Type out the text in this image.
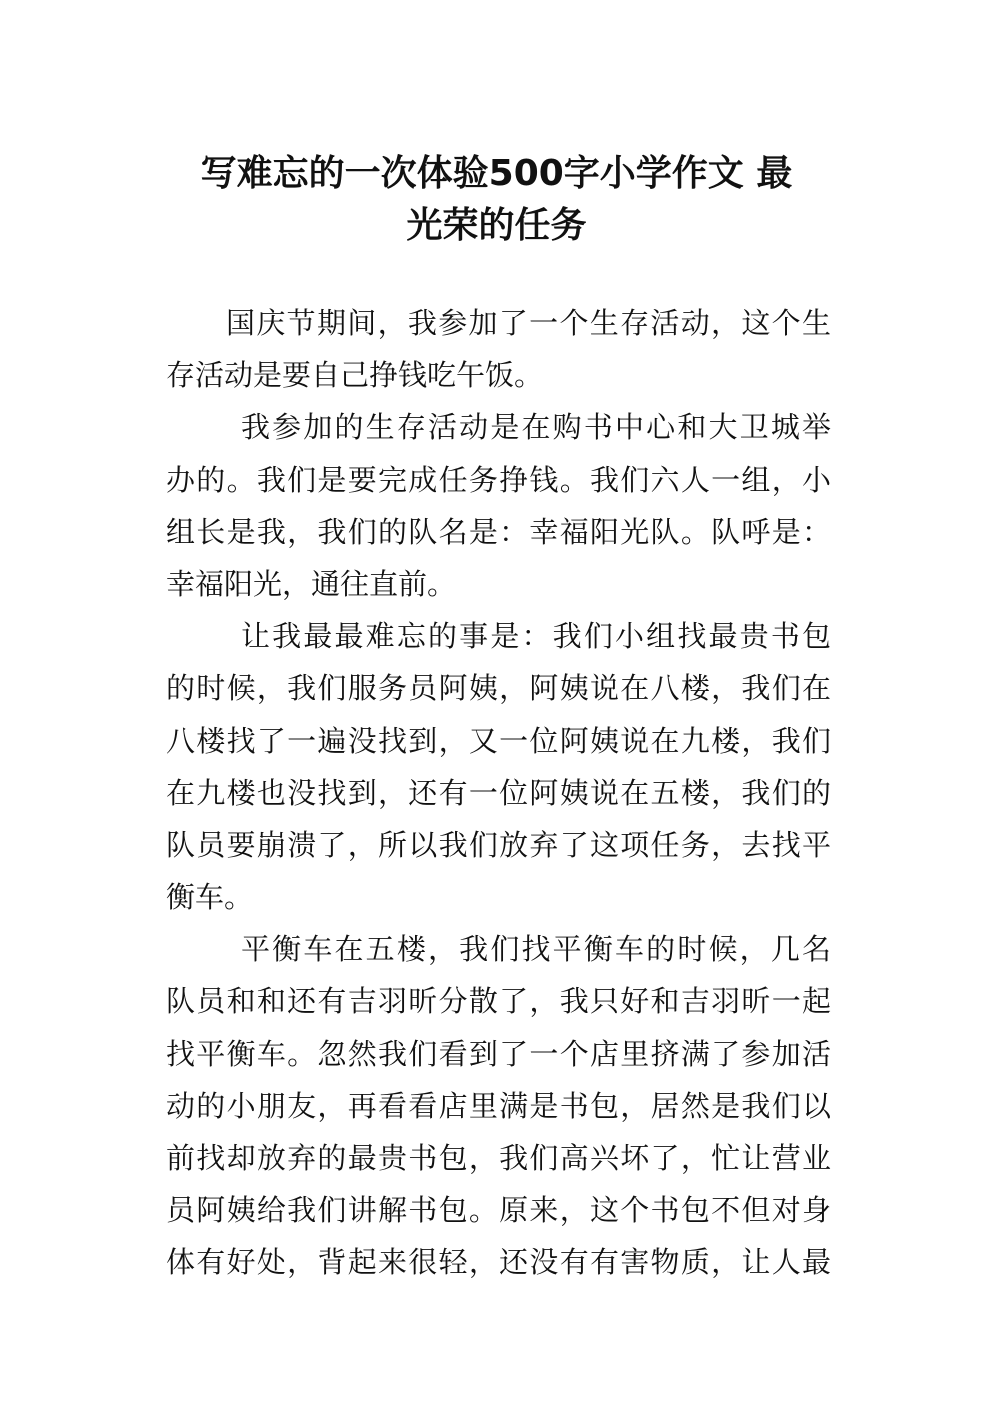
写难忘的一次体验500字小学作文 最
光荣的任务
国庆节期间，我参加了一个生存活动，这个生
存活动是要自己挣钱吃午饭。
我参加的生存活动是在购书中心和大卫城举
办的。我们是要完成任务挣钱。我们六人一组，小
组长是我，我们的队名是：幸福阳光队。队呼是：
幸福阳光，通往直前。
让我最最难忘的事是：我们小组找最贵书包
的时候，我们服务员阿姨，阿姨说在八楼，我们在
八楼找了一遍没找到，又一位阿姨说在九楼，我们
在九楼也没找到，还有一位阿姨说在五楼，我们的
队员要崩溃了，所以我们放弃了这项任务，去找平
衡车。
平衡车在五楼，我们找平衡车的时候，几名
队员和和还有吉羽昕分散了，我只好和吉羽昕一起
找平衡车。忽然我们看到了一个店里挤满了参加活
动的小朋友，再看看店里满是书包，居然是我们以
前找却放弃的最贵书包，我们高兴坏了，忙让营业
员阿姨给我们讲解书包。原来，这个书包不但对身
体有好处，背起来很轻，还没有有害物质，让人最
